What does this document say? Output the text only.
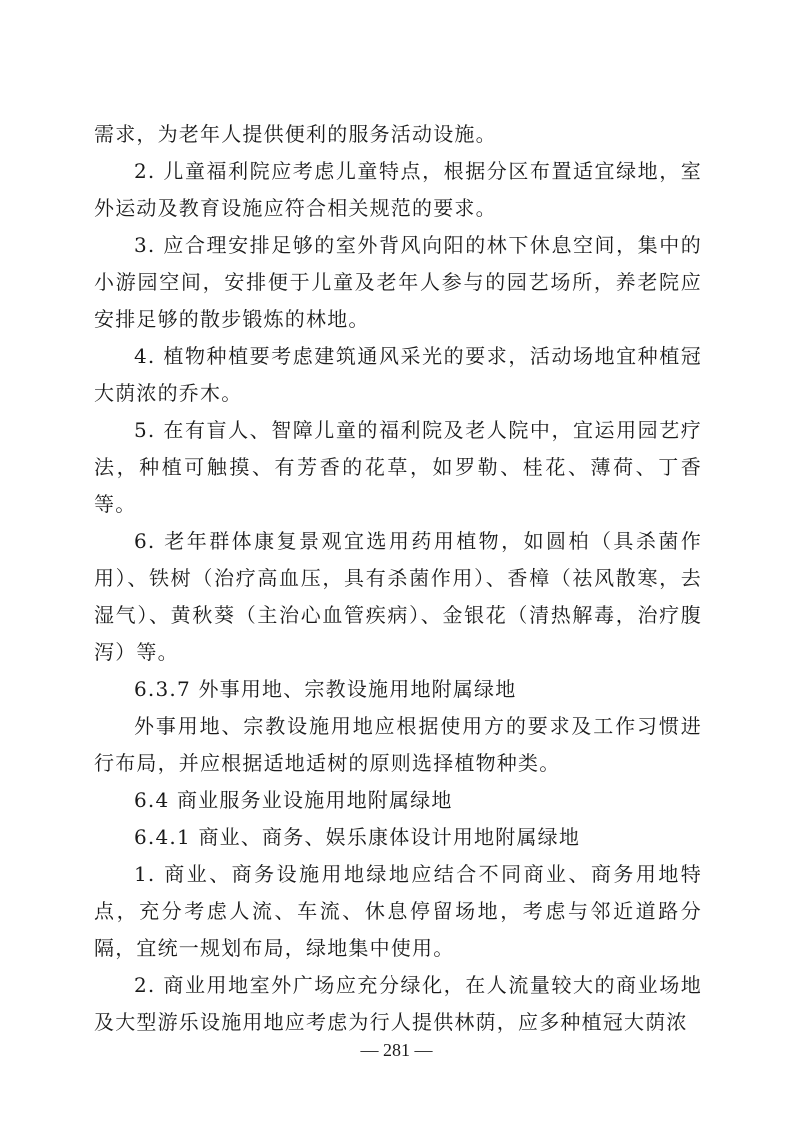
需求，为老年人提供便利的服务活动设施。

2. 儿童福利院应考虑儿童特点，根据分区布置适宜绿地，室外运动及教育设施应符合相关规范的要求。

3. 应合理安排足够的室外背风向阳的林下休息空间，集中的小游园空间，安排便于儿童及老年人参与的园艺场所，养老院应安排足够的散步锻炼的林地。

4. 植物种植要考虑建筑通风采光的要求，活动场地宜种植冠大荫浓的乔木。

5. 在有盲人、智障儿童的福利院及老人院中，宜运用园艺疗法，种植可触摸、有芳香的花草，如罗勒、桂花、薄荷、丁香等。

6. 老年群体康复景观宜选用药用植物，如圆柏（具杀菌作用）、铁树（治疗高血压，具有杀菌作用）、香樟（祛风散寒，去湿气）、黄秋葵（主治心血管疾病）、金银花（清热解毒，治疗腹泻）等。

6.3.7 外事用地、宗教设施用地附属绿地

外事用地、宗教设施用地应根据使用方的要求及工作习惯进行布局，并应根据适地适树的原则选择植物种类。

6.4 商业服务业设施用地附属绿地

6.4.1 商业、商务、娱乐康体设计用地附属绿地

1. 商业、商务设施用地绿地应结合不同商业、商务用地特点，充分考虑人流、车流、休息停留场地，考虑与邻近道路分隔，宜统一规划布局，绿地集中使用。

2. 商业用地室外广场应充分绿化，在人流量较大的商业场地及大型游乐设施用地应考虑为行人提供林荫，应多种植冠大荫浓

— 281 —
